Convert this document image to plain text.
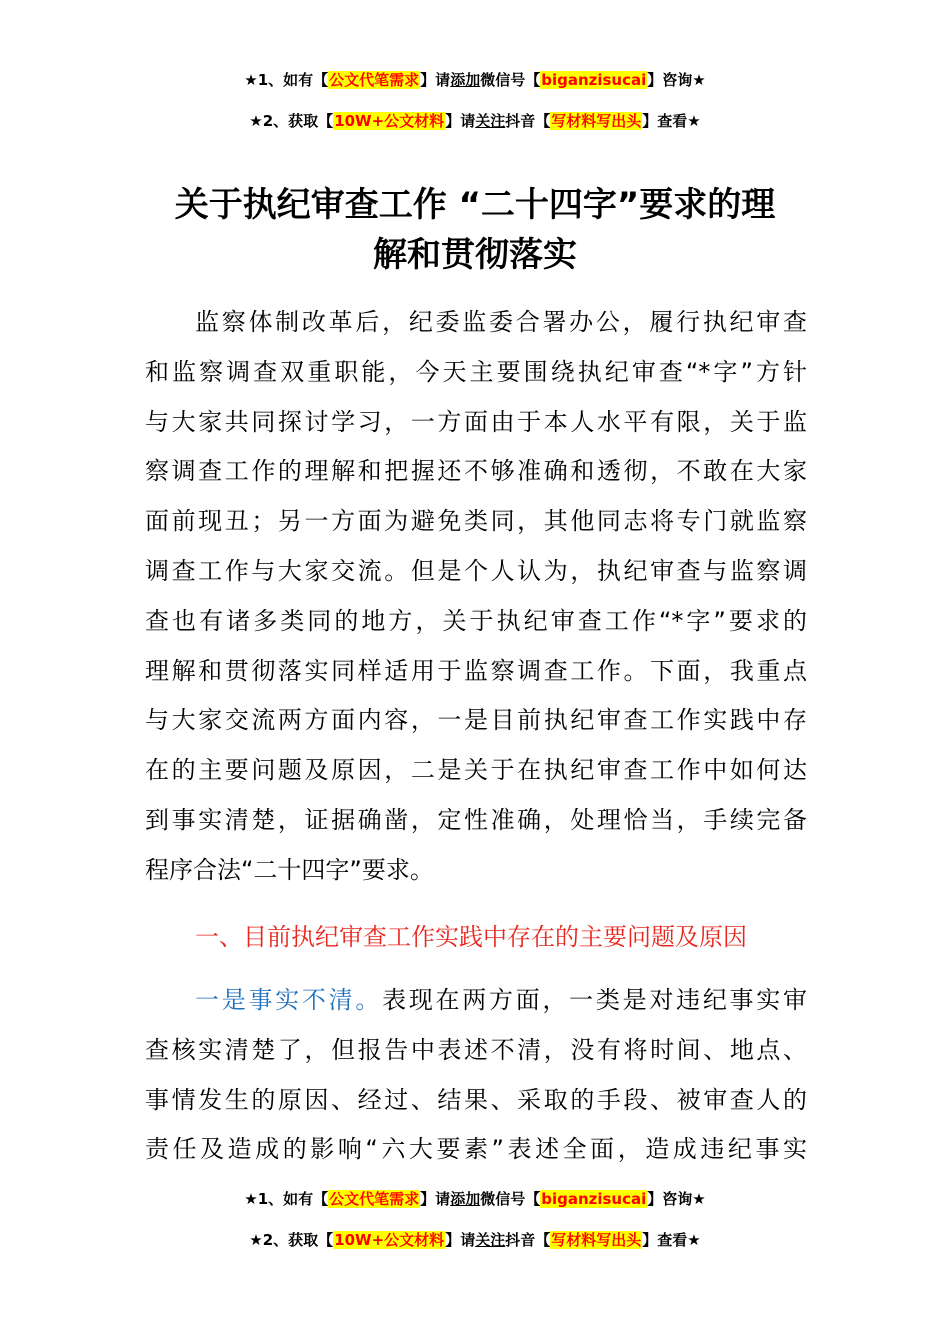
★1、如有【公文代笔需求】请添加微信号【biganzisucai】咨询★
★2、获取【10W+公文材料】请关注抖音【写材料写出头】查看★
关于执纪审查工作 “二十四字”要求的理
解和贯彻落实
监察体制改革后，纪委监委合署办公，履行执纪审查
和监察调查双重职能，今天主要围绕执纪审查“*字”方针
与大家共同探讨学习，一方面由于本人水平有限，关于监
察调查工作的理解和把握还不够准确和透彻，不敢在大家
面前现丑；另一方面为避免类同，其他同志将专门就监察
调查工作与大家交流。但是个人认为，执纪审查与监察调
查也有诸多类同的地方，关于执纪审查工作“*字”要求的
理解和贯彻落实同样适用于监察调查工作。下面，我重点
与大家交流两方面内容，一是目前执纪审查工作实践中存
在的主要问题及原因，二是关于在执纪审查工作中如何达
到事实清楚，证据确凿，定性准确，处理恰当，手续完备
程序合法“二十四字”要求。
一、目前执纪审查工作实践中存在的主要问题及原因
一是事实不清。表现在两方面，一类是对违纪事实审
查核实清楚了，但报告中表述不清，没有将时间、地点、
事情发生的原因、经过、结果、采取的手段、被审查人的
责任及造成的影响“六大要素”表述全面，造成违纪事实
★1、如有【公文代笔需求】请添加微信号【biganzisucai】咨询★
★2、获取【10W+公文材料】请关注抖音【写材料写出头】查看★
